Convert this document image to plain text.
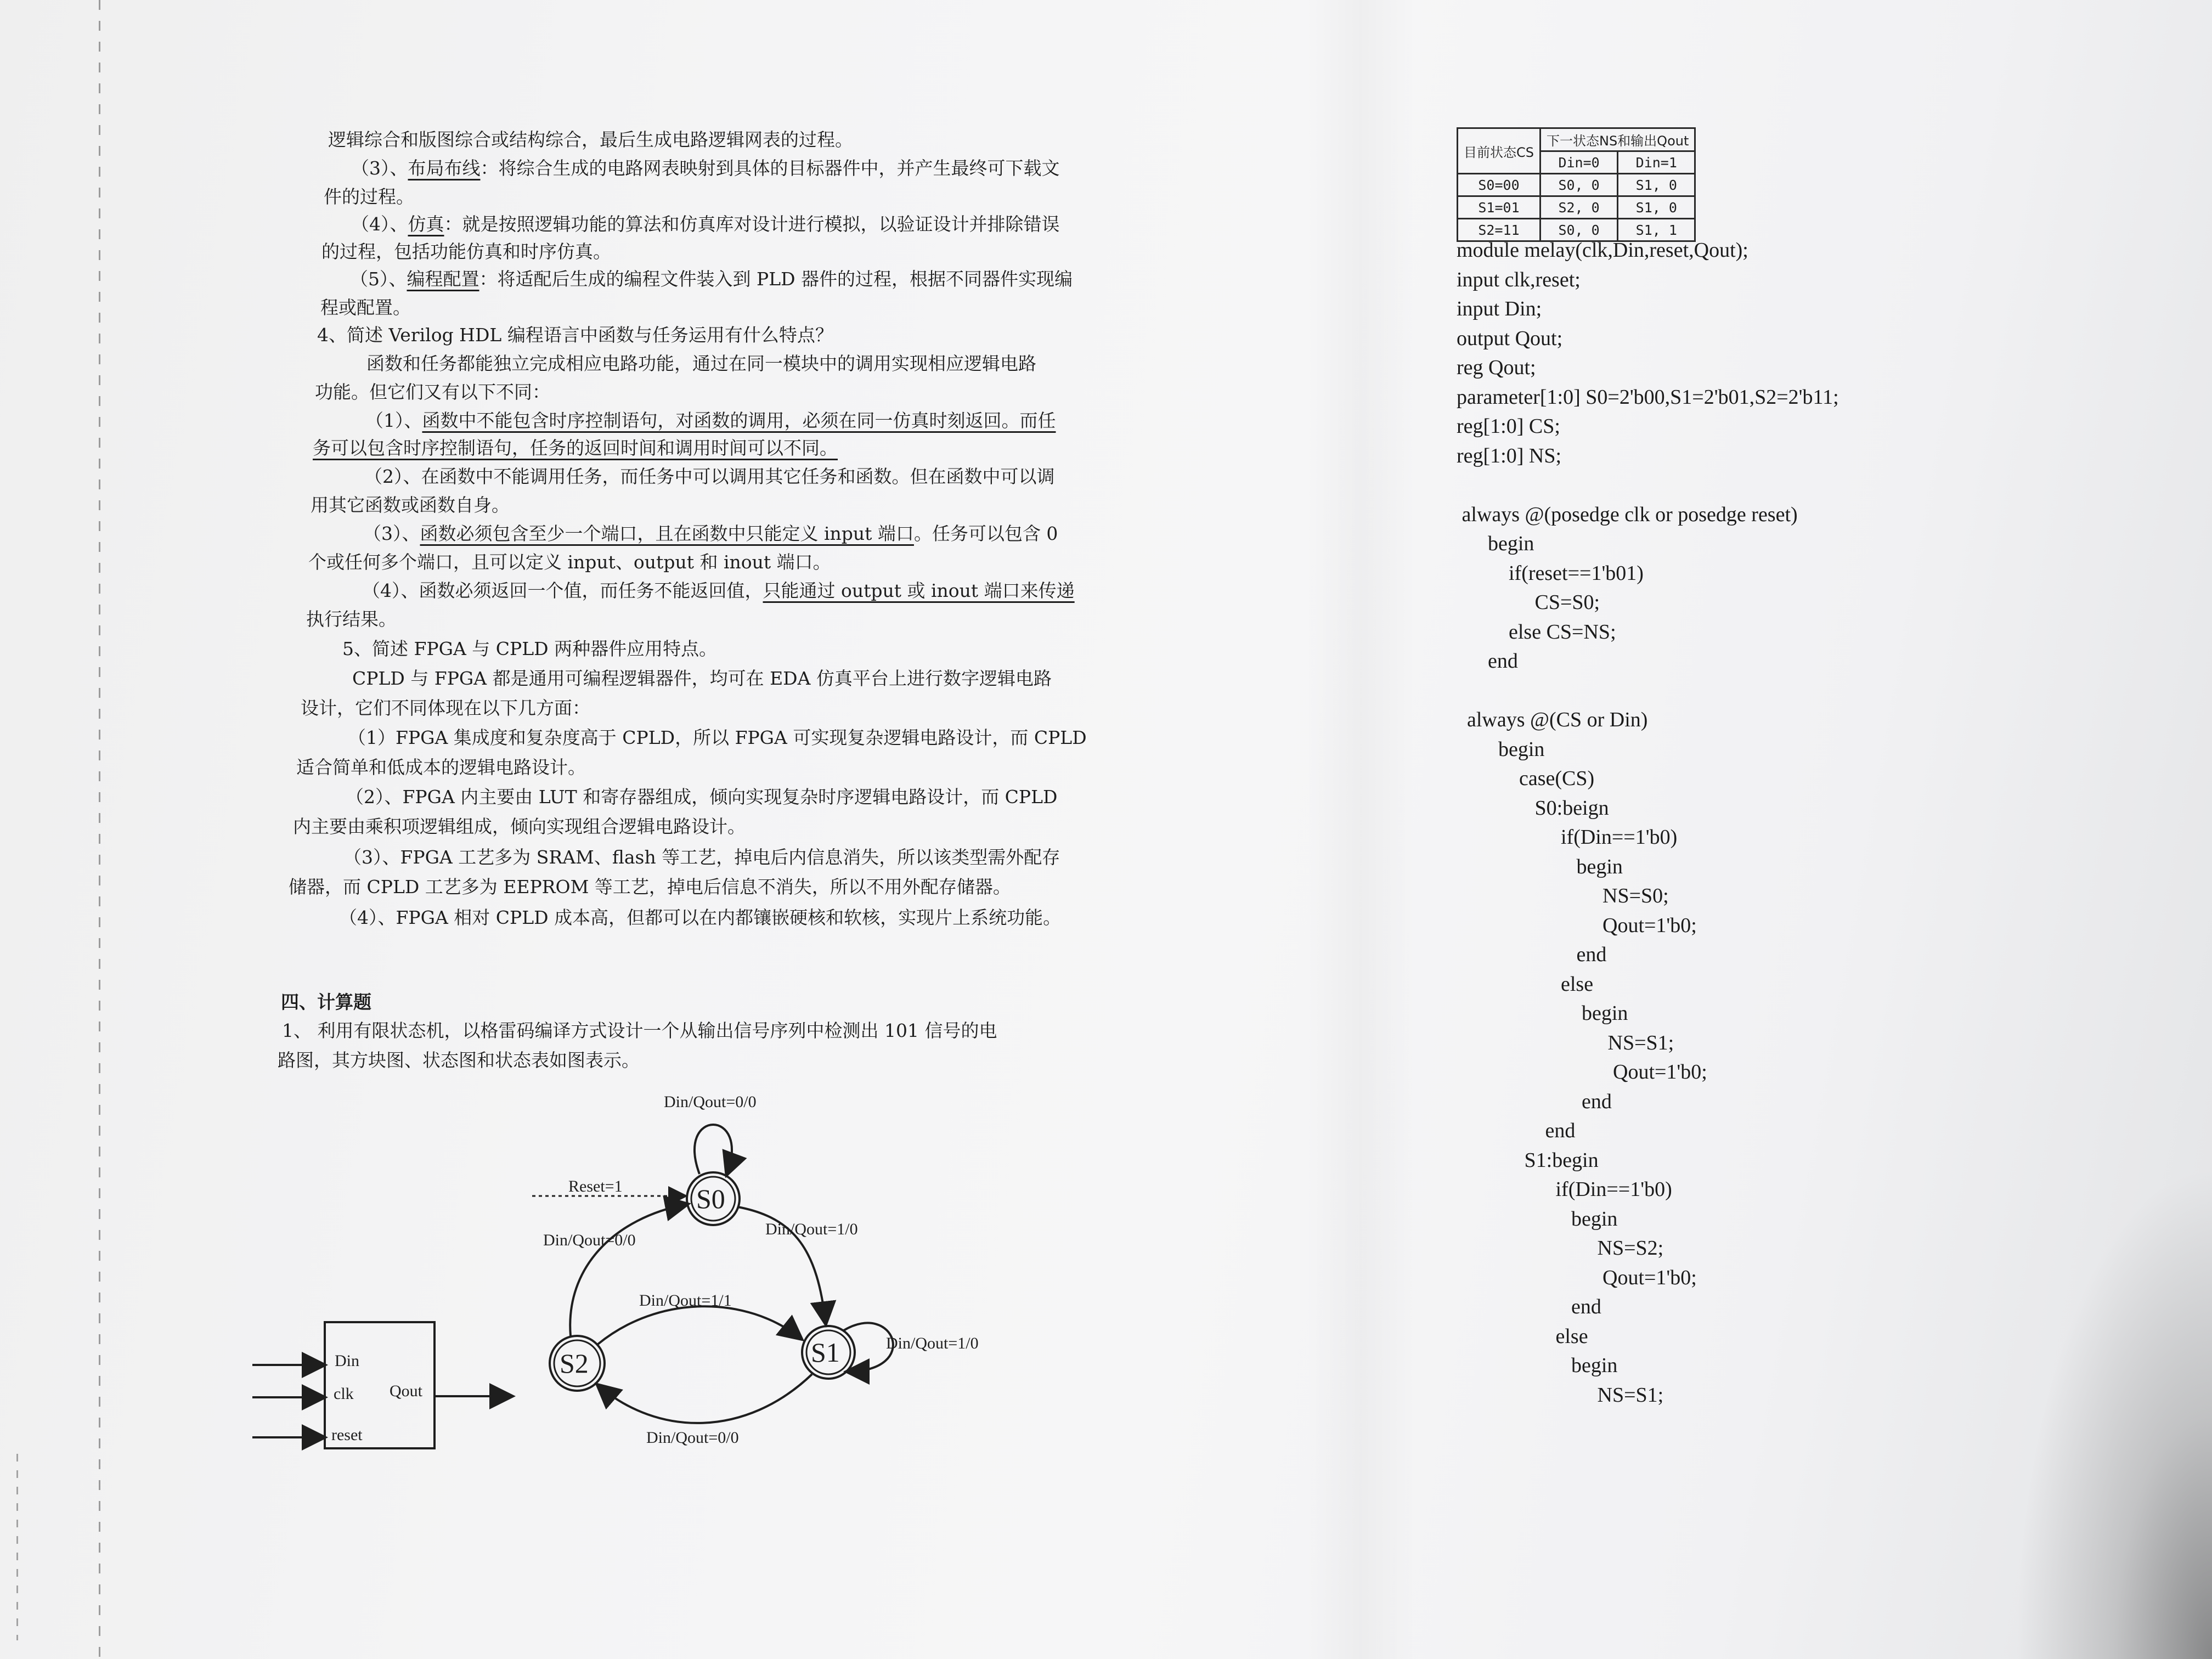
逻辑综合和版图综合或结构综合，最后生成电路逻辑网表的过程。
（3）、布局布线：将综合生成的电路网表映射到具体的目标器件中，并产生最终可下载文
件的过程。
（4）、仿真：就是按照逻辑功能的算法和仿真库对设计进行模拟，以验证设计并排除错误
的过程，包括功能仿真和时序仿真。
（5）、编程配置：将适配后生成的编程文件装入到 PLD 器件的过程，根据不同器件实现编
程或配置。
4、简述 Verilog HDL 编程语言中函数与任务运用有什么特点？
函数和任务都能独立完成相应电路功能，通过在同一模块中的调用实现相应逻辑电路
功能。但它们又有以下不同：
（1）、函数中不能包含时序控制语句，对函数的调用，必须在同一仿真时刻返回。而任
务可以包含时序控制语句，任务的返回时间和调用时间可以不同。
（2）、在函数中不能调用任务，而任务中可以调用其它任务和函数。但在函数中可以调
用其它函数或函数自身。
（3）、函数必须包含至少一个端口，且在函数中只能定义 input 端口。任务可以包含 0
个或任何多个端口，且可以定义 input、output 和 inout 端口。
（4）、函数必须返回一个值，而任务不能返回值，只能通过 output 或 inout 端口来传递
执行结果。
5、简述 FPGA 与 CPLD 两种器件应用特点。
CPLD 与 FPGA 都是通用可编程逻辑器件，均可在 EDA 仿真平台上进行数字逻辑电路
设计，它们不同体现在以下几方面：
（1）FPGA 集成度和复杂度高于 CPLD，所以 FPGA 可实现复杂逻辑电路设计，而 CPLD
适合简单和低成本的逻辑电路设计。
（2）、FPGA 内主要由 LUT 和寄存器组成，倾向实现复杂时序逻辑电路设计，而 CPLD
内主要由乘积项逻辑组成，倾向实现组合逻辑电路设计。
（3）、FPGA 工艺多为 SRAM、flash 等工艺，掉电后内信息消失，所以该类型需外配存
储器，而 CPLD 工艺多为 EEPROM 等工艺，掉电后信息不消失，所以不用外配存储器。
（4）、FPGA 相对 CPLD 成本高，但都可以在内都镶嵌硬核和软核，实现片上系统功能。
四、计算题
1、 利用有限状态机，以格雷码编译方式设计一个从输出信号序列中检测出 101 信号的电
路图，其方块图、状态图和状态表如图表示。
Din
clk
reset
Qout
S0
S1
S2
Reset=1
Din/Qout=0/0
Din/Qout=1/0
Din/Qout=0/0
Din/Qout=1/1
Din/Qout=1/0
Din/Qout=0/0
目前状态CS	下一状态NS和输出Qout	
	Din=0	Din=1
S0=00	S0, 0	S1, 0
S1=01	S2, 0	S1, 0
S2=11	S0, 0	S1, 1
module melay(clk,Din,reset,Qout);
input clk,reset;
input Din;
output Qout;
reg Qout;
parameter[1:0] S0=2'b00,S1=2'b01,S2=2'b11;
reg[1:0] CS;
reg[1:0] NS;

always @(posedge clk or posedge reset)
begin
if(reset==1'b01)
CS=S0;
else CS=NS;
end

always @(CS or Din)
begin
case(CS)
S0:beign
if(Din==1'b0)
begin
NS=S0;
Qout=1'b0;
end
else
begin
NS=S1;
Qout=1'b0;
end
end
S1:begin
if(Din==1'b0)
begin
NS=S2;
Qout=1'b0;
end
else
begin
NS=S1;
